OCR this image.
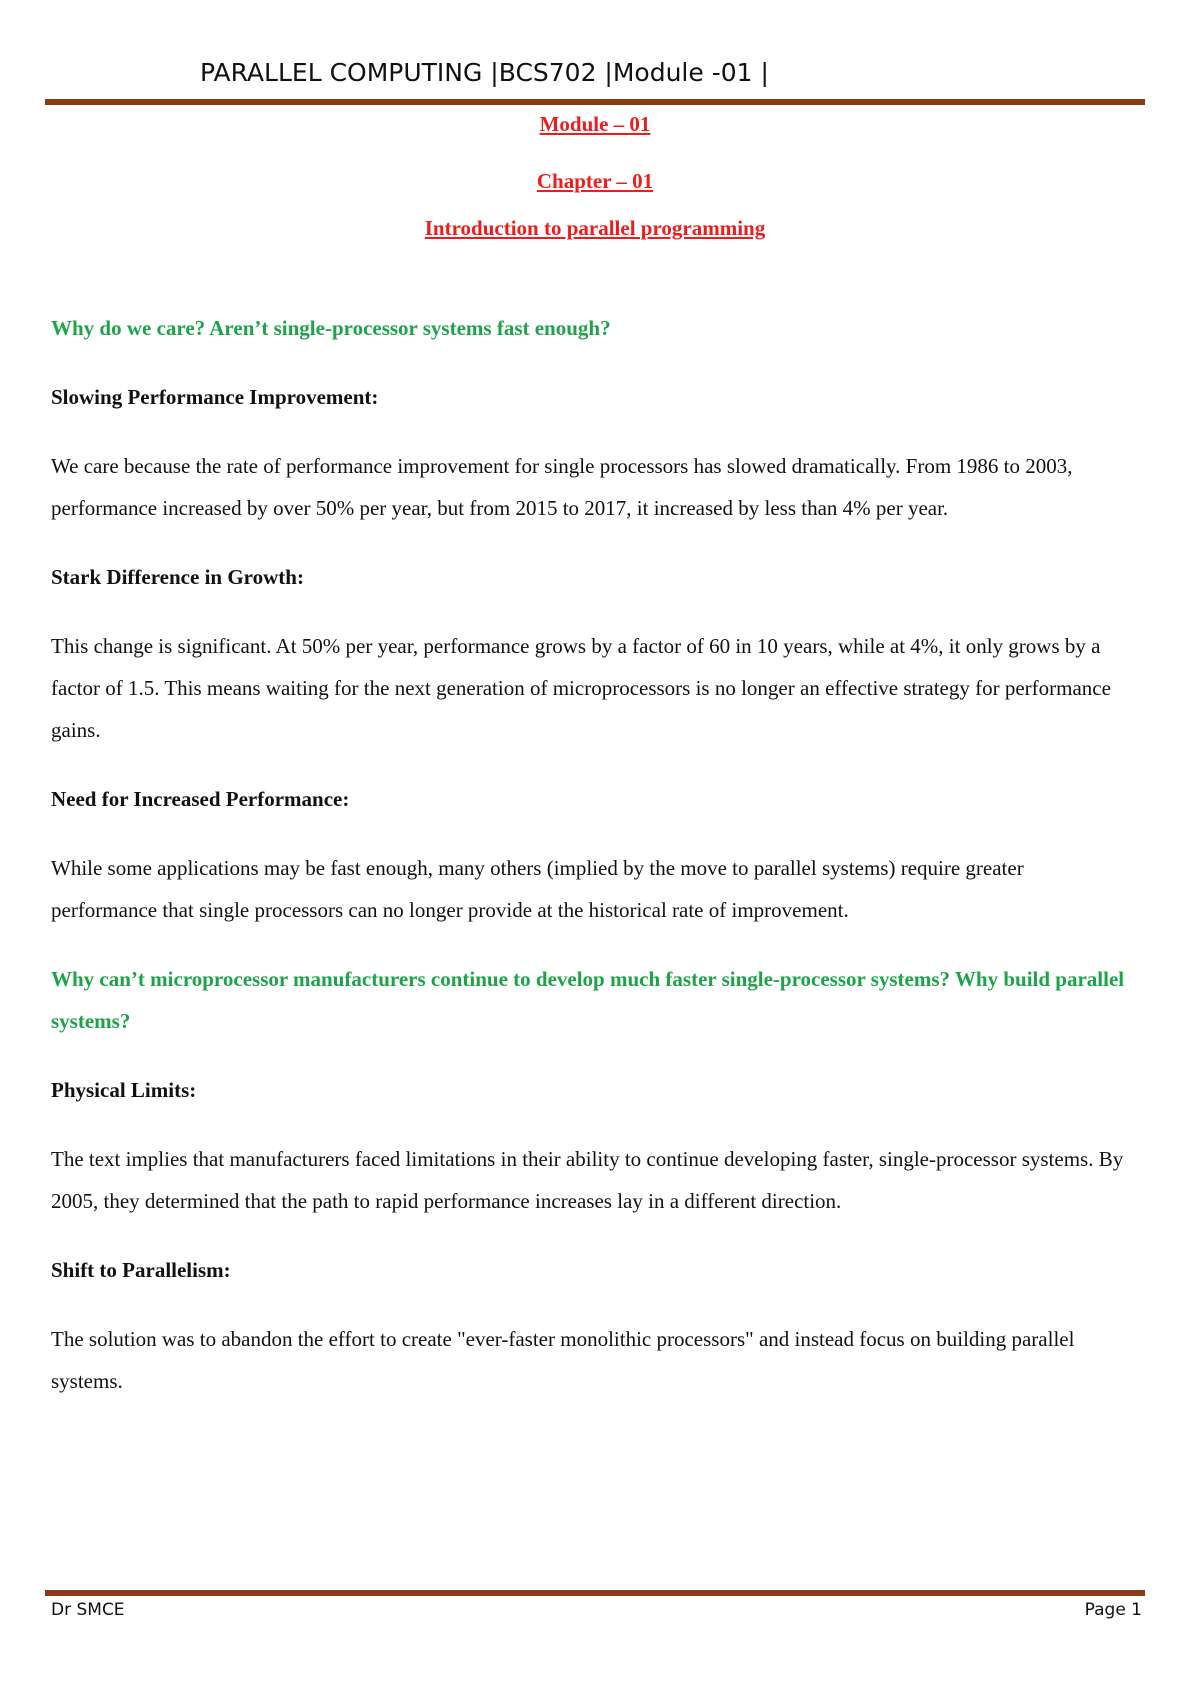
PARALLEL COMPUTING |BCS702 |Module -01 |
Module – 01
Chapter – 01
Introduction to parallel programming
Why do we care? Aren’t single-processor systems fast enough?
Slowing Performance Improvement:
We care because the rate of performance improvement for single processors has slowed dramatically. From 1986 to 2003, performance increased by over 50% per year, but from 2015 to 2017, it increased by less than 4% per year.
Stark Difference in Growth:
This change is significant. At 50% per year, performance grows by a factor of 60 in 10 years, while at 4%, it only grows by a factor of 1.5. This means waiting for the next generation of microprocessors is no longer an effective strategy for performance gains.
Need for Increased Performance:
While some applications may be fast enough, many others (implied by the move to parallel systems) require greater performance that single processors can no longer provide at the historical rate of improvement.
Why can’t microprocessor manufacturers continue to develop much faster single-processor systems? Why build parallel systems?
Physical Limits:
The text implies that manufacturers faced limitations in their ability to continue developing faster, single-processor systems. By 2005, they determined that the path to rapid performance increases lay in a different direction.
Shift to Parallelism:
The solution was to abandon the effort to create "ever-faster monolithic processors" and instead focus on building parallel systems.
Dr SMCE	Page 1
